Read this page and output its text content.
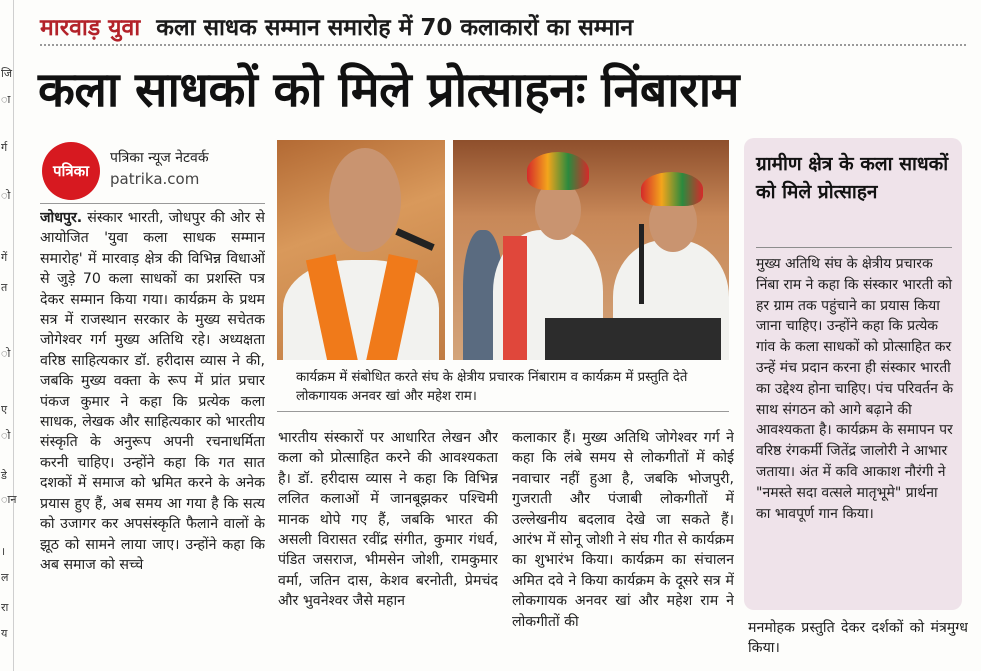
जि
ा
र्ग
ो
गें
त
ो
ए
ो
डे
ान
।
ल
रा
य
मारवाड़ युवा कला साधक सम्मान समारोह में 70 कलाकारों का सम्मान
कला साधकों को मिले प्रोत्साहनः निंबाराम
पत्रिका
पत्रिका न्यूज नेटवर्क
patrika.com
जोधपुर. संस्कार भारती, जोधपुर की ओर से आयोजित 'युवा कला साधक सम्मान समारोह' में मारवाड़ क्षेत्र की विभिन्न विधाओं से जुड़े 70 कला साधकों का प्रशस्ति पत्र देकर सम्मान किया गया। कार्यक्रम के प्रथम सत्र में राजस्थान सरकार के मुख्य सचेतक जोगेश्वर गर्ग मुख्य अतिथि रहे। अध्यक्षता वरिष्ठ साहित्यकार डॉ. हरीदास व्यास ने की, जबकि मुख्य वक्ता के रूप में प्रांत प्रचार पंकज कुमार ने कहा कि प्रत्येक कला साधक, लेखक और साहित्यकार को भारतीय संस्कृति के अनुरूप अपनी रचनाधर्मिता करनी चाहिए। उन्होंने कहा कि गत सात दशकों में समाज को भ्रमित करने के अनेक प्रयास हुए हैं, अब समय आ गया है कि सत्य को उजागर कर अपसंस्कृति फैलाने वालों के झूठ को सामने लाया जाए। उन्होंने कहा कि अब समाज को सच्चे
कार्यक्रम में संबोधित करते संघ के क्षेत्रीय प्रचारक निंबाराम व कार्यक्रम में प्रस्तुति देते लोकगायक अनवर खां और महेश राम।
भारतीय संस्कारों पर आधारित लेखन और कला को प्रोत्साहित करने की आवश्यकता है। डॉ. हरीदास व्यास ने कहा कि विभिन्न ललित कलाओं में जानबूझकर पश्चिमी मानक थोपे गए हैं, जबकि भारत की असली विरासत रवींद्र संगीत, कुमार गंधर्व, पंडित जसराज, भीमसेन जोशी, रामकुमार वर्मा, जतिन दास, केशव बरनोती, प्रेमचंद और भुवनेश्वर जैसे महान
कलाकार हैं। मुख्य अतिथि जोगेश्वर गर्ग ने कहा कि लंबे समय से लोकगीतों में कोई नवाचार नहीं हुआ है, जबकि भोजपुरी, गुजराती और पंजाबी लोकगीतों में उल्लेखनीय बदलाव देखे जा सकते हैं। आरंभ में सोनू जोशी ने संघ गीत से कार्यक्रम का शुभारंभ किया। कार्यक्रम का संचालन अमित दवे ने किया कार्यक्रम के दूसरे सत्र में लोकगायक अनवर खां और महेश राम ने लोकगीतों की
ग्रामीण क्षेत्र के कला साधकों को मिले प्रोत्साहन
मुख्य अतिथि संघ के क्षेत्रीय प्रचारक निंबा राम ने कहा कि संस्कार भारती को हर ग्राम तक पहुंचाने का प्रयास किया जाना चाहिए। उन्होंने कहा कि प्रत्येक गांव के कला साधकों को प्रोत्साहित कर उन्हें मंच प्रदान करना ही संस्कार भारती का उद्देश्य होना चाहिए। पंच परिवर्तन के साथ संगठन को आगे बढ़ाने की आवश्यकता है। कार्यक्रम के समापन पर वरिष्ठ रंगकर्मी जितेंद्र जालोरी ने आभार जताया। अंत में कवि आकाश नौरंगी ने "नमस्ते सदा वत्सले मातृभूमे" प्रार्थना का भावपूर्ण गान किया।
मनमोहक प्रस्तुति देकर दर्शकों को मंत्रमुग्ध किया।
